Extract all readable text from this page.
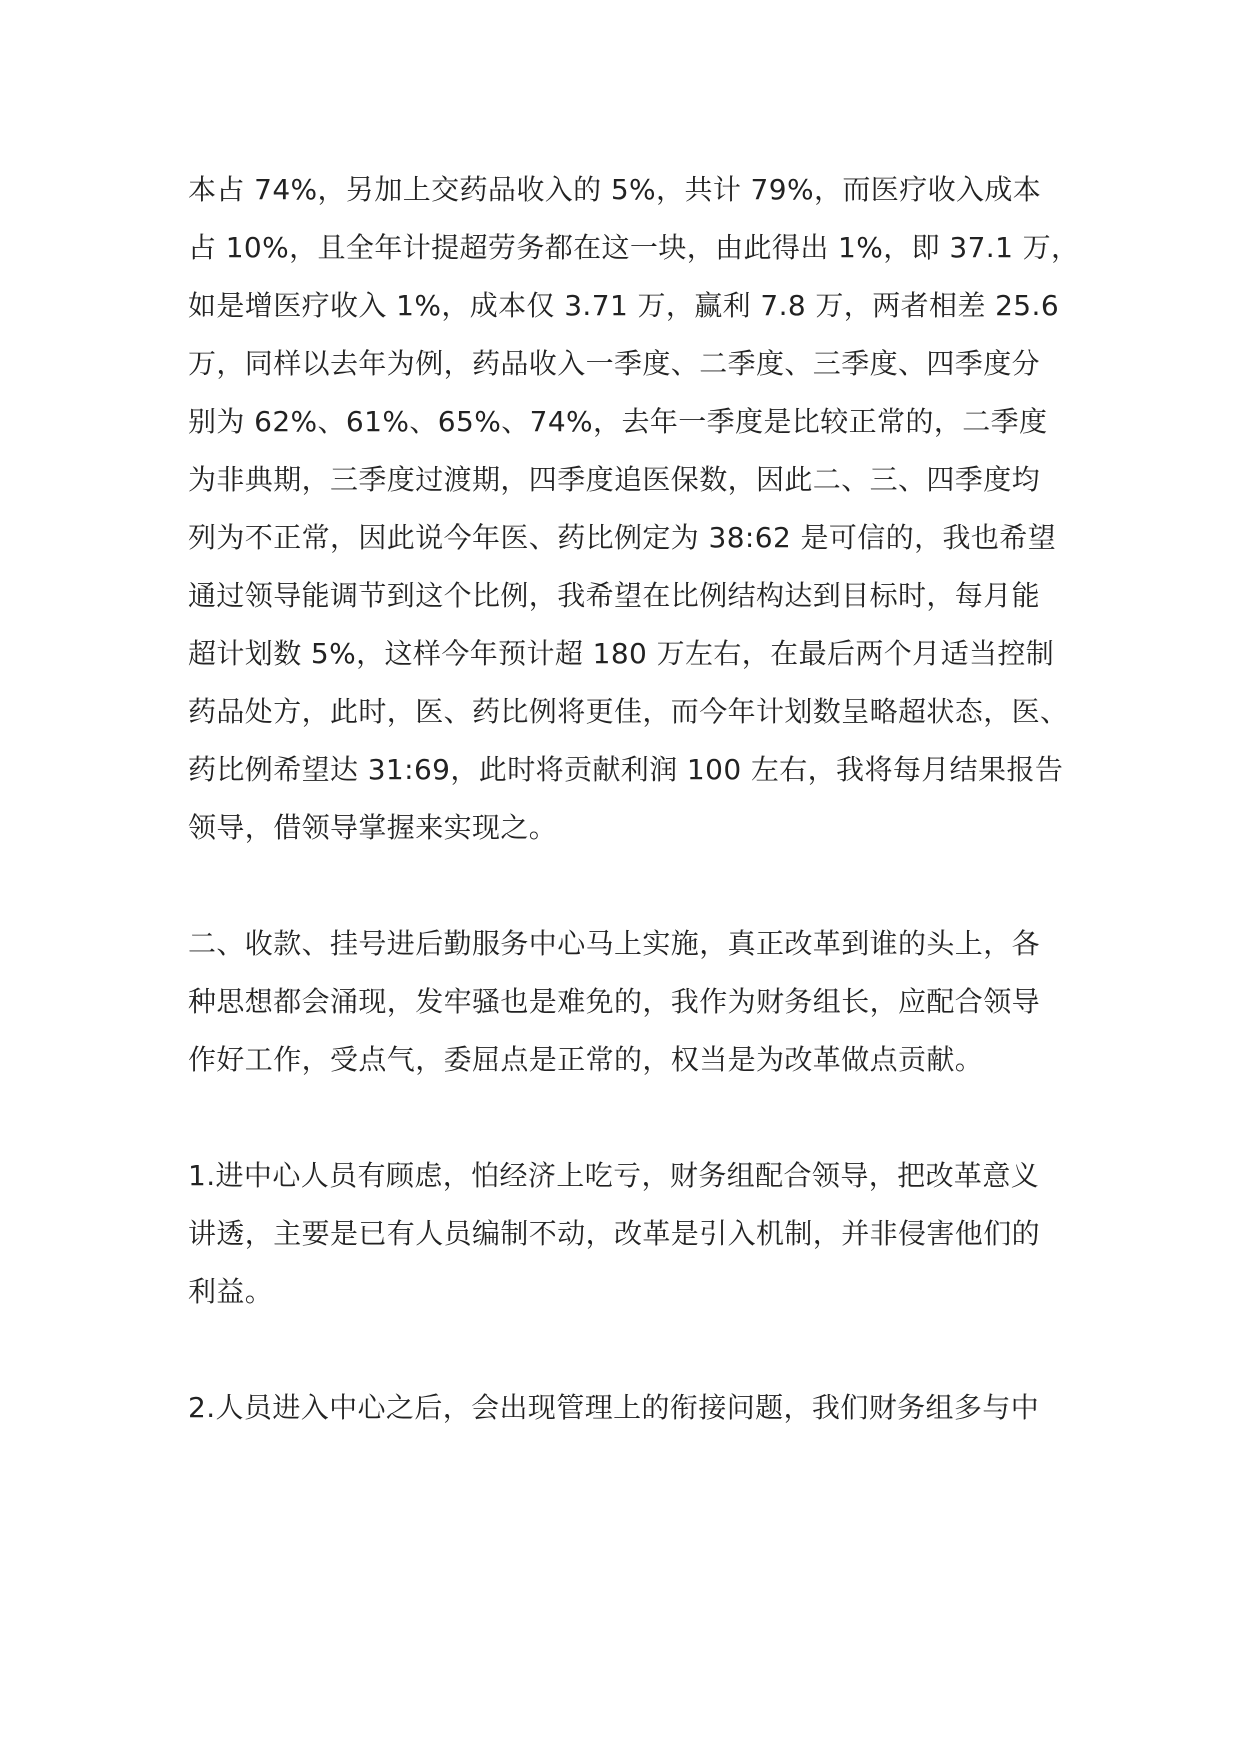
本占 74%，另加上交药品收入的 5%，共计 79%，而医疗收入成本
占 10%，且全年计提超劳务都在这一块，由此得出 1%，即 37.1 万，
如是增医疗收入 1%，成本仅 3.71 万，赢利 7.8 万，两者相差 25.6
万，同样以去年为例，药品收入一季度、二季度、三季度、四季度分
别为 62%、61%、65%、74%，去年一季度是比较正常的，二季度
为非典期，三季度过渡期，四季度追医保数，因此二、三、四季度均
列为不正常，因此说今年医、药比例定为 38:62 是可信的，我也希望
通过领导能调节到这个比例，我希望在比例结构达到目标时，每月能
超计划数 5%，这样今年预计超 180 万左右，在最后两个月适当控制
药品处方，此时，医、药比例将更佳，而今年计划数呈略超状态，医、
药比例希望达 31:69，此时将贡献利润 100 左右，我将每月结果报告
领导，借领导掌握来实现之。
二、收款、挂号进后勤服务中心马上实施，真正改革到谁的头上，各
种思想都会涌现，发牢骚也是难免的，我作为财务组长，应配合领导
作好工作，受点气，委屈点是正常的，权当是为改革做点贡献。
1.进中心人员有顾虑，怕经济上吃亏，财务组配合领导，把改革意义
讲透，主要是已有人员编制不动，改革是引入机制，并非侵害他们的
利益。
2.人员进入中心之后，会出现管理上的衔接问题，我们财务组多与中
